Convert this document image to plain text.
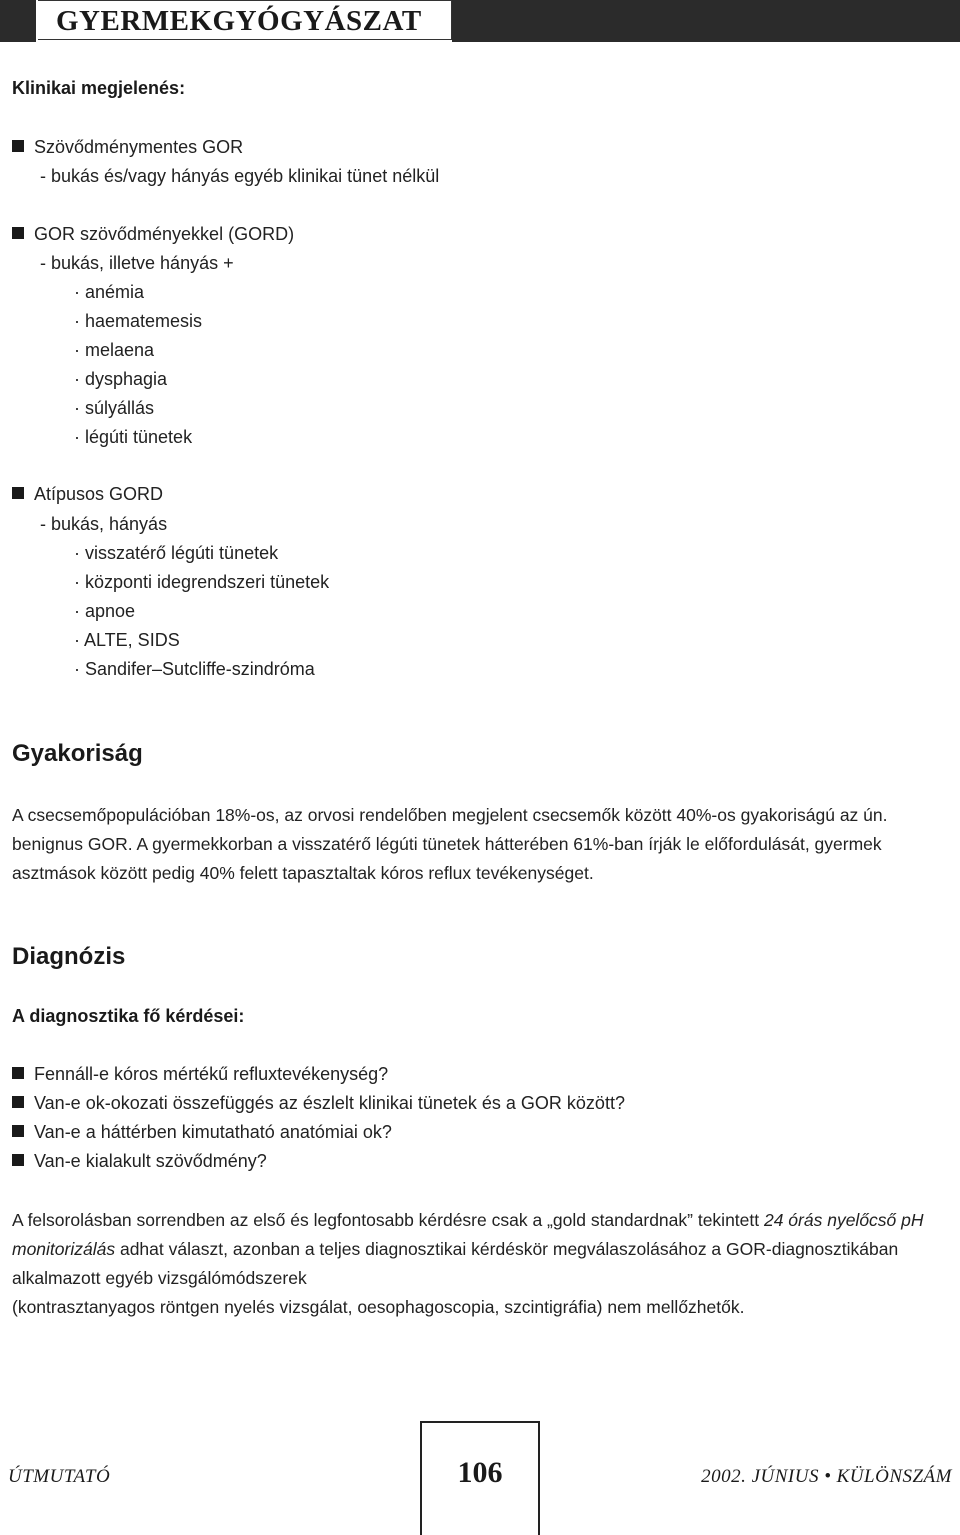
GYERMEKGYÓGYÁSZAT
Klinikai megjelenés:
Szövődménymentes GOR
- bukás és/vagy hányás egyéb klinikai tünet nélkül
GOR szövődményekkel (GORD)
- bukás, illetve hányás +
· anémia
· haematemesis
· melaena
· dysphagia
· súlyállás
· légúti tünetek
Atípusos GORD
- bukás, hányás
· visszatérő légúti tünetek
· központi idegrendszeri tünetek
· apnoe
· ALTE, SIDS
· Sandifer–Sutcliffe-szindróma
Gyakoriság
A csecsemőpopulációban 18%-os, az orvosi rendelőben megjelent csecsemők között 40%-os gyakoriságú az ún. benignus GOR. A gyermekkorban a visszatérő légúti tünetek hátterében 61%-ban írják le előfordulását, gyermek asztmások között pedig 40% felett tapasztaltak kóros reflux tevékenységet.
Diagnózis
A diagnosztika fő kérdései:
Fennáll-e kóros mértékű refluxtevékenység?
Van-e ok-okozati összefüggés az észlelt klinikai tünetek és a GOR között?
Van-e a háttérben kimutatható anatómiai ok?
Van-e kialakult szövődmény?
A felsorolásban sorrendben az első és legfontosabb kérdésre csak a „gold standardnak” tekintett 24 órás nyelőcső pH monitorizálás adhat választ, azonban a teljes diagnosztikai kérdéskör megválaszolásához a GOR-diagnosztikában alkalmazott egyéb vizsgálómódszerek
(kontrasztanyagos röntgen nyelés vizsgálat, oesophagoscopia, szcintigráfia) nem mellőzhetők.
ÚTMUTATÓ	106	2002. JÚNIUS • KÜLÖNSZÁM
